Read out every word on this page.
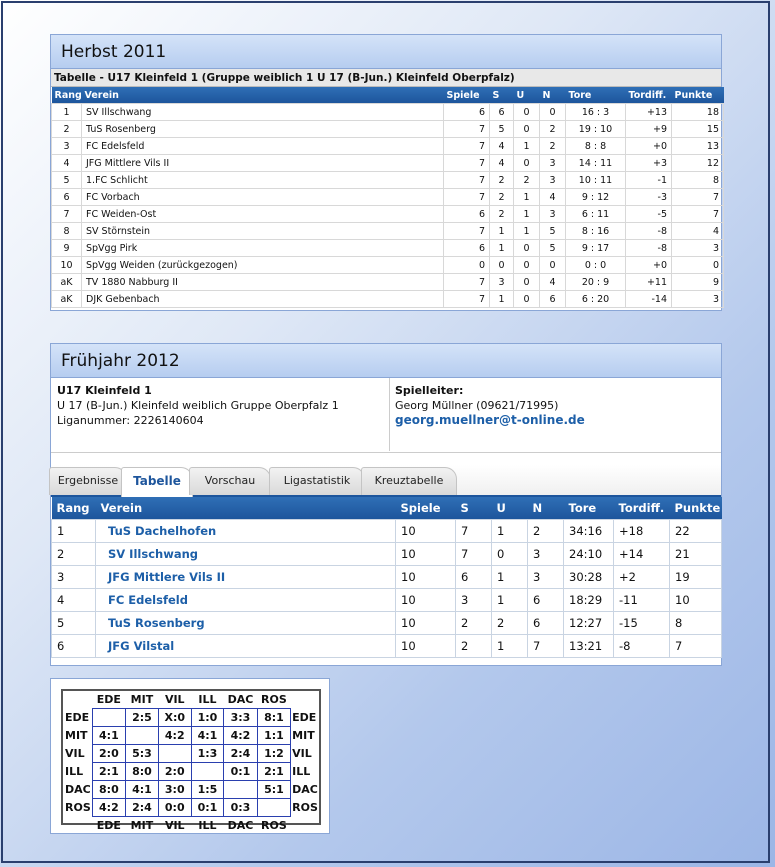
Herbst 2011
Tabelle - U17 Kleinfeld 1 (Gruppe weiblich 1 U 17 (B-Jun.) Kleinfeld Oberpfalz)
Rang	Verein	Spiele	S	U	N	Tore	Tordiff.	Punkte
1	SV Illschwang	6	6	0	0	16 : 3	+13	18
2	TuS Rosenberg	7	5	0	2	19 : 10	+9	15
3	FC Edelsfeld	7	4	1	2	8 : 8	+0	13
4	JFG Mittlere Vils II	7	4	0	3	14 : 11	+3	12
5	1.FC Schlicht	7	2	2	3	10 : 11	-1	8
6	FC Vorbach	7	2	1	4	9 : 12	-3	7
7	FC Weiden-Ost	6	2	1	3	6 : 11	-5	7
8	SV Störnstein	7	1	1	5	8 : 16	-8	4
9	SpVgg Pirk	6	1	0	5	9 : 17	-8	3
10	SpVgg Weiden (zurückgezogen)	0	0	0	0	0 : 0	+0	0
aK	TV 1880 Nabburg II	7	3	0	4	20 : 9	+11	9
aK	DJK Gebenbach	7	1	0	6	6 : 20	-14	3
Frühjahr 2012
U17 Kleinfeld 1
U 17 (B-Jun.) Kleinfeld weiblich Gruppe Oberpfalz 1
Liganummer: 2226140604
Spielleiter:
Georg Müllner (09621/71995)
georg.muellner@t-online.de
Ergebnisse	Tabelle	Vorschau	Ligastatistik	Kreuztabelle
Rang	Verein	Spiele	S	U	N	Tore	Tordiff.	Punkte
1	TuS Dachelhofen	10	7	1	2	34:16	+18	22
2	SV Illschwang	10	7	0	3	24:10	+14	21
3	JFG Mittlere Vils II	10	6	1	3	30:28	+2	19
4	FC Edelsfeld	10	3	1	6	18:29	-11	10
5	TuS Rosenberg	10	2	2	6	12:27	-15	8
6	JFG Vilstal	10	2	1	7	13:21	-8	7
	EDE	MIT	VIL	ILL	DAC	ROS	
EDE		2:5	X:0	1:0	3:3	8:1	EDE
MIT	4:1		4:2	4:1	4:2	1:1	MIT
VIL	2:0	5:3		1:3	2:4	1:2	VIL
ILL	2:1	8:0	2:0		0:1	2:1	ILL
DAC	8:0	4:1	3:0	1:5		5:1	DAC
ROS	4:2	2:4	0:0	0:1	0:3		ROS
	EDE	MIT	VIL	ILL	DAC	ROS	
